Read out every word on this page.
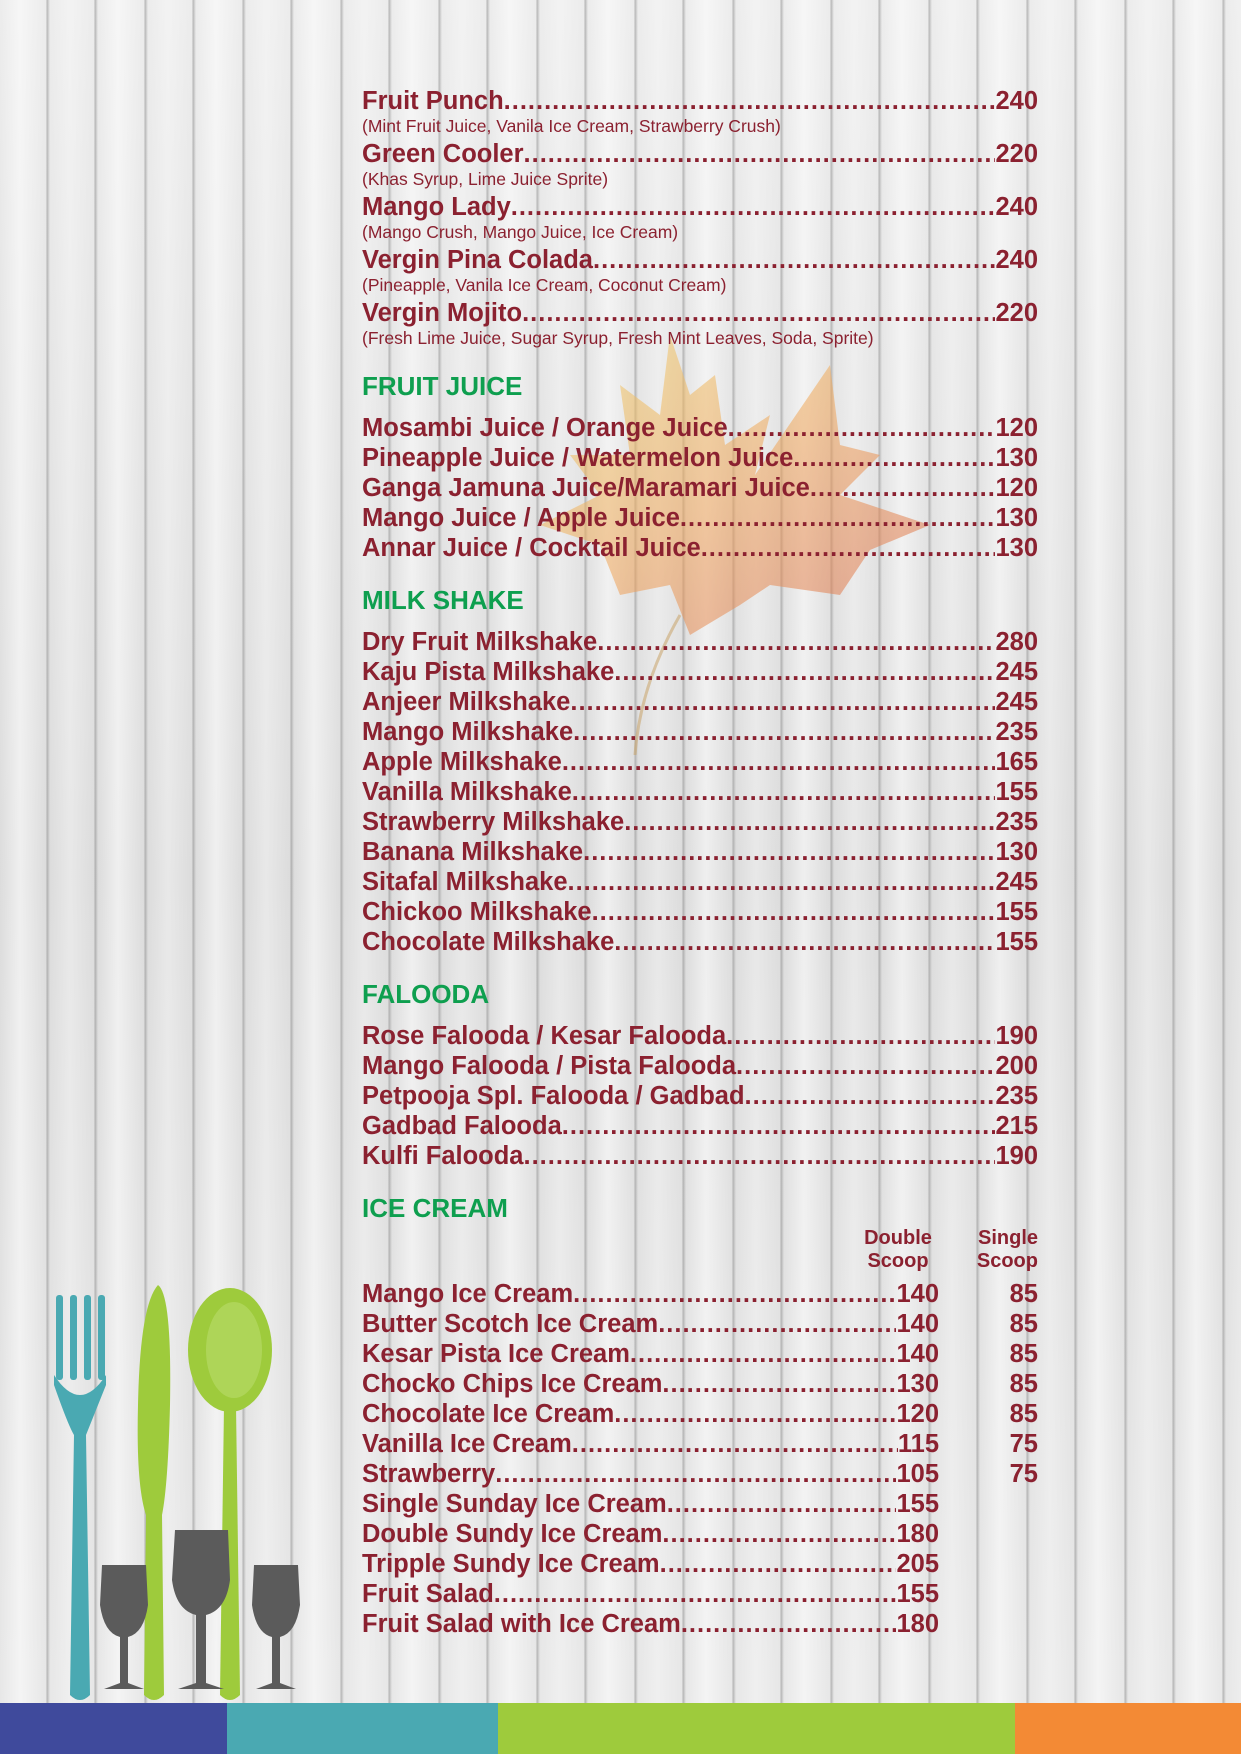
Fruit Punch .....	240
(Mint Fruit Juice, Vanila Ice Cream, Strawberry Crush)
Green Cooler .....	220
(Khas Syrup, Lime Juice Sprite)
Mango Lady .....	240
(Mango Crush, Mango Juice, Ice Cream)
Vergin Pina Colada .....	240
(Pineapple, Vanila Ice Cream, Coconut Cream)
Vergin Mojito .....	220
(Fresh Lime Juice, Sugar Syrup, Fresh Mint Leaves, Soda, Sprite)
FRUIT JUICE
Mosambi Juice / Orange Juice .....	120
Pineapple Juice / Watermelon Juice .....	130
Ganga Jamuna Juice/Maramari Juice .....	120
Mango Juice / Apple Juice .....	130
Annar Juice / Cocktail Juice .....	130
MILK SHAKE
Dry Fruit Milkshake .....	280
Kaju Pista Milkshake .....	245
Anjeer Milkshake .....	245
Mango Milkshake .....	235
Apple Milkshake .....	165
Vanilla Milkshake .....	155
Strawberry Milkshake .....	235
Banana Milkshake .....	130
Sitafal Milkshake .....	245
Chickoo Milkshake .....	155
Chocolate Milkshake .....	155
FALOODA
Rose Falooda / Kesar Falooda .....	190
Mango Falooda / Pista Falooda .....	200
Petpooja Spl. Falooda / Gadbad .....	235
Gadbad Falooda .....	215
Kulfi Falooda .....	190
ICE CREAM
Double
Scoop
Single
Scoop
Mango Ice Cream .....	140	85
Butter Scotch Ice Cream .....	140	85
Kesar Pista Ice Cream .....	140	85
Chocko Chips Ice Cream .....	130	85
Chocolate Ice Cream .....	120	85
Vanilla Ice Cream .....	115	75
Strawberry .....	105	75
Single Sunday Ice Cream .....	155
Double Sundy Ice Cream .....	180
Tripple Sundy Ice Cream .....	205
Fruit Salad .....	155
Fruit Salad with Ice Cream .....	180
